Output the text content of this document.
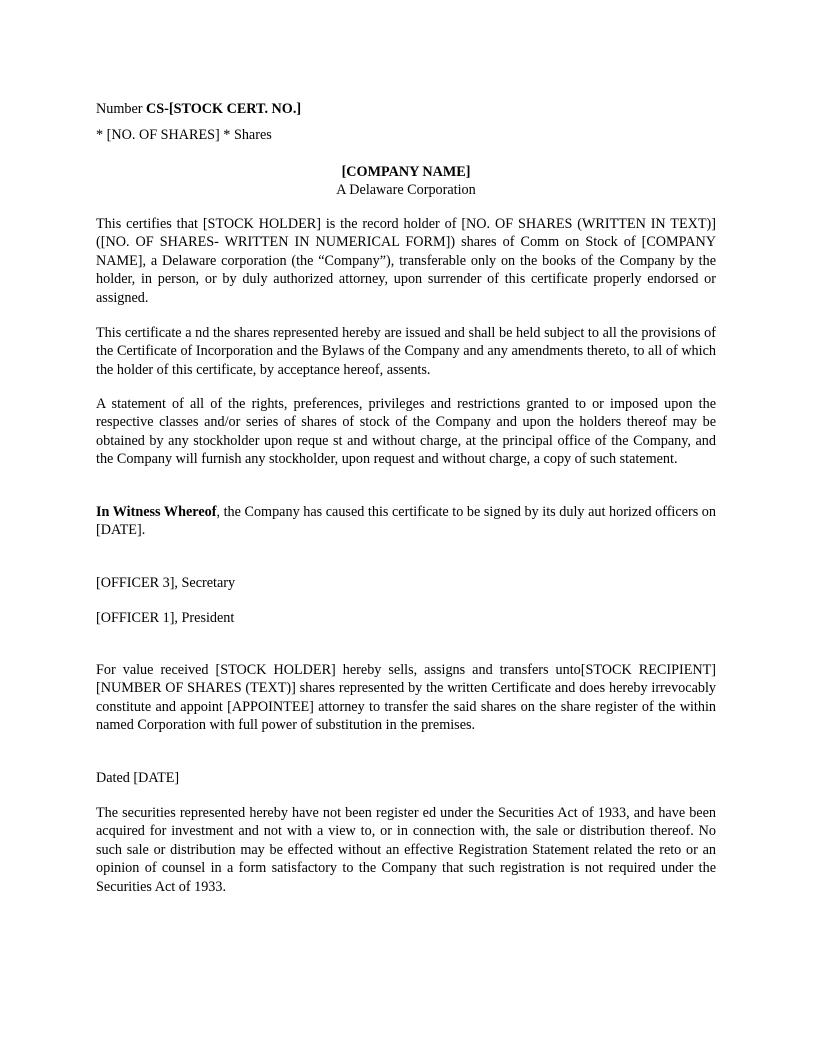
Number CS-[STOCK CERT. NO.]
* [NO. OF SHARES] * Shares
[COMPANY NAME]
A Delaware Corporation
This certifies that [STOCK HOLDER] is the record holder of [NO. OF SHARES (WRITTEN IN TEXT)] ([NO. OF SHARES- WRITTEN IN NUMERICAL FORM]) shares of Comm on Stock of [COMPANY NAME], a Delaware corporation (the “Company”), transferable only on the books of the Company by the holder, in person, or by duly authorized attorney, upon surrender of this certificate properly endorsed or assigned.
This certificate a nd the shares represented hereby are issued and shall be held subject to all the provisions of the Certificate of Incorporation and the Bylaws of the Company and any amendments thereto, to all of which the holder of this certificate, by acceptance hereof, assents.
A statement of all of the rights, preferences, privileges and restrictions granted to or imposed upon the respective classes and/or series of shares of stock of the Company and upon the holders thereof may be obtained by any stockholder upon reque st and without charge, at the principal office of the Company, and the Company will furnish any stockholder, upon request and without charge, a copy of such statement.
In Witness Whereof, the Company has caused this certificate to be signed by its duly aut horized officers on [DATE].
[OFFICER 3], Secretary
[OFFICER 1], President
For value received [STOCK HOLDER] hereby sells, assigns and transfers unto[STOCK RECIPIENT] [NUMBER OF SHARES (TEXT)] shares represented by the written Certificate and does hereby irrevocably constitute and appoint [APPOINTEE] attorney to transfer the said shares on the share register of the within named Corporation with full power of substitution in the premises.
Dated [DATE]
The securities represented hereby have not been register ed under the Securities Act of 1933, and have been acquired for investment and not with a view to, or in connection with, the sale or distribution thereof. No such sale or distribution may be effected without an effective Registration Statement related the reto or an opinion of counsel in a form satisfactory to the Company that such registration is not required under the Securities Act of 1933.
